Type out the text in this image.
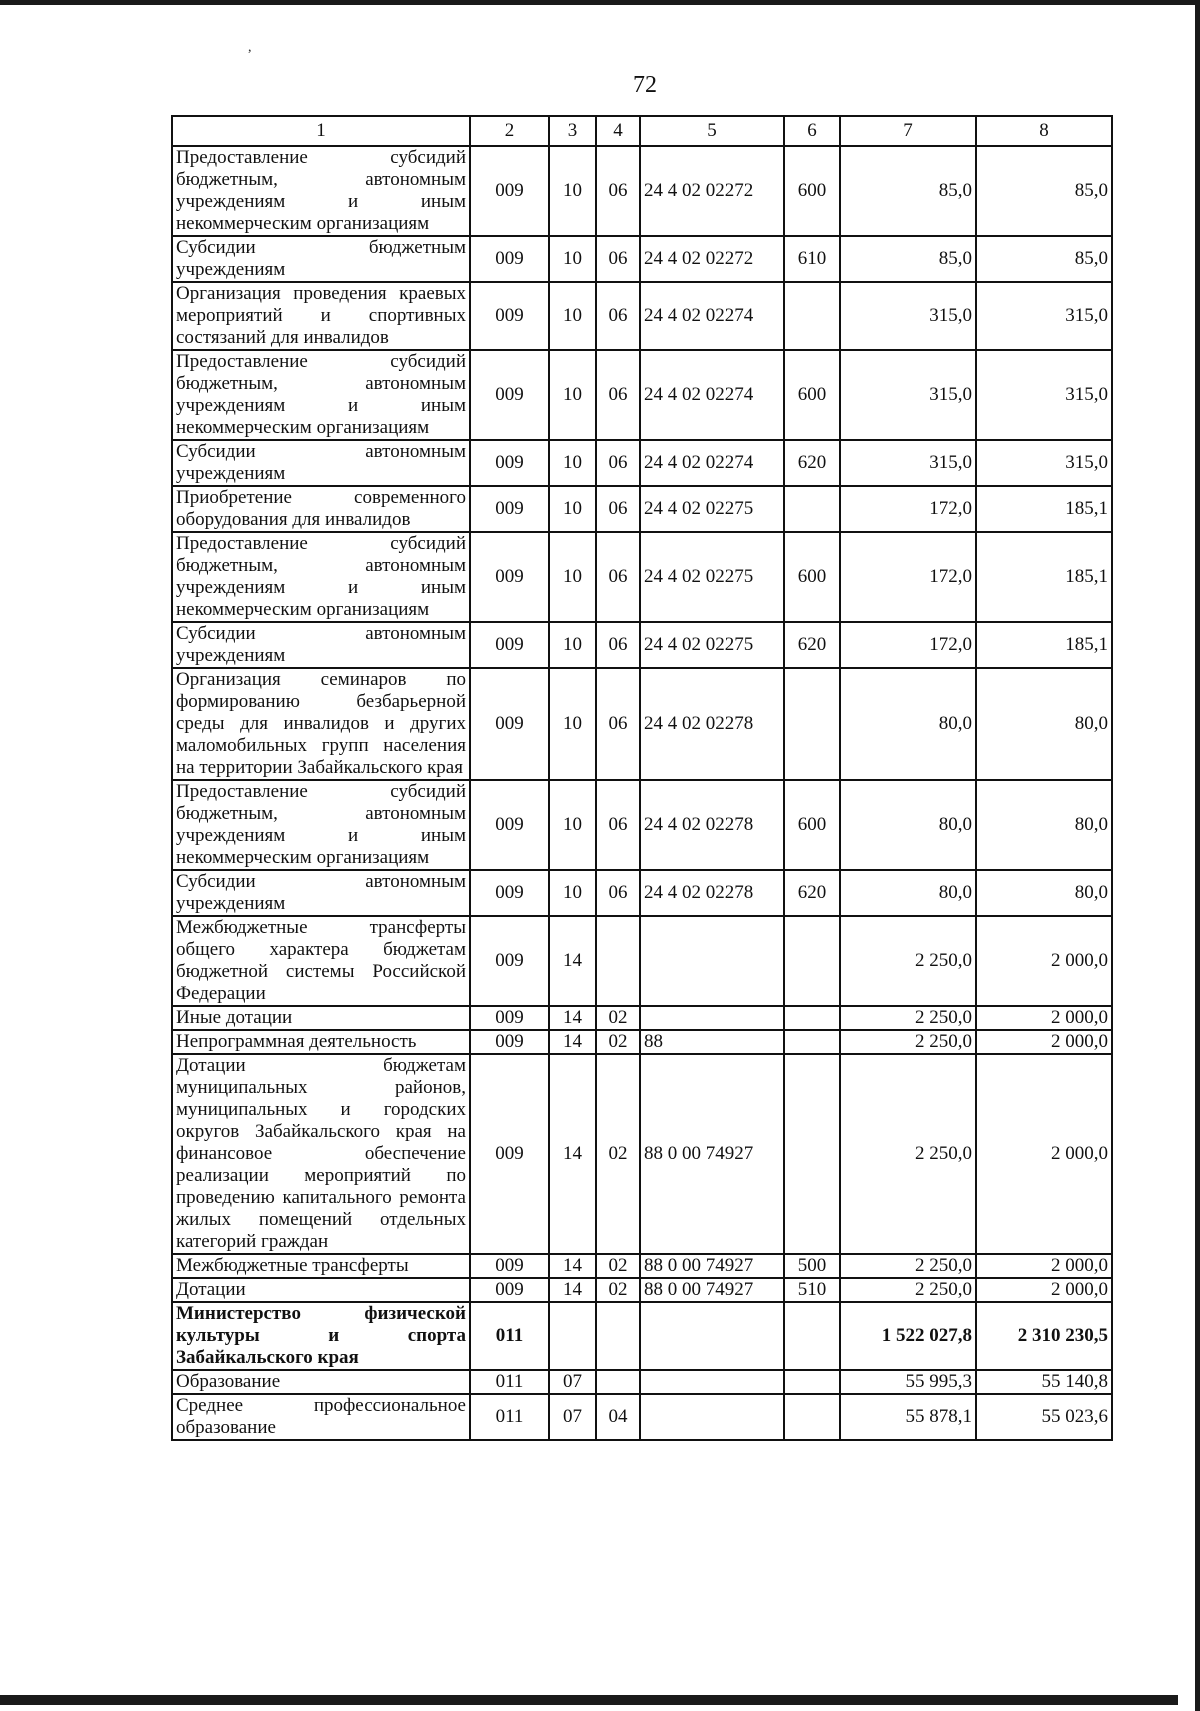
,
72
1	2	3	4	5	6	7	8
Предоставление субсидий бюджетным, автономным учреждениям и иным некоммерческим организациям	009	10	06	24 4 02 02272	600	85,0	85,0
Субсидии бюджетным учреждениям	009	10	06	24 4 02 02272	610	85,0	85,0
Организация проведения краевых мероприятий и спортивных состязаний для инвалидов	009	10	06	24 4 02 02274		315,0	315,0
Предоставление субсидий бюджетным, автономным учреждениям и иным некоммерческим организациям	009	10	06	24 4 02 02274	600	315,0	315,0
Субсидии автономным учреждениям	009	10	06	24 4 02 02274	620	315,0	315,0
Приобретение современного оборудования для инвалидов	009	10	06	24 4 02 02275		172,0	185,1
Предоставление субсидий бюджетным, автономным учреждениям и иным некоммерческим организациям	009	10	06	24 4 02 02275	600	172,0	185,1
Субсидии автономным учреждениям	009	10	06	24 4 02 02275	620	172,0	185,1
Организация семинаров по формированию безбарьерной среды для инвалидов и других маломобильных групп населения на территории Забайкальского края	009	10	06	24 4 02 02278		80,0	80,0
Предоставление субсидий бюджетным, автономным учреждениям и иным некоммерческим организациям	009	10	06	24 4 02 02278	600	80,0	80,0
Субсидии автономным учреждениям	009	10	06	24 4 02 02278	620	80,0	80,0
Межбюджетные трансферты общего характера бюджетам бюджетной системы Российской Федерации	009	14				2 250,0	2 000,0
Иные дотации	009	14	02			2 250,0	2 000,0
Непрограммная деятельность	009	14	02	88		2 250,0	2 000,0
Дотации бюджетам муниципальных районов, муниципальных и городских округов Забайкальского края на финансовое обеспечение реализации мероприятий по проведению капитального ремонта жилых помещений отдельных категорий граждан	009	14	02	88 0 00 74927		2 250,0	2 000,0
Межбюджетные трансферты	009	14	02	88 0 00 74927	500	2 250,0	2 000,0
Дотации	009	14	02	88 0 00 74927	510	2 250,0	2 000,0
Министерство физической культуры и спорта Забайкальского края	011					1 522 027,8	2 310 230,5
Образование	011	07				55 995,3	55 140,8
Среднее профессиональное образование	011	07	04			55 878,1	55 023,6
